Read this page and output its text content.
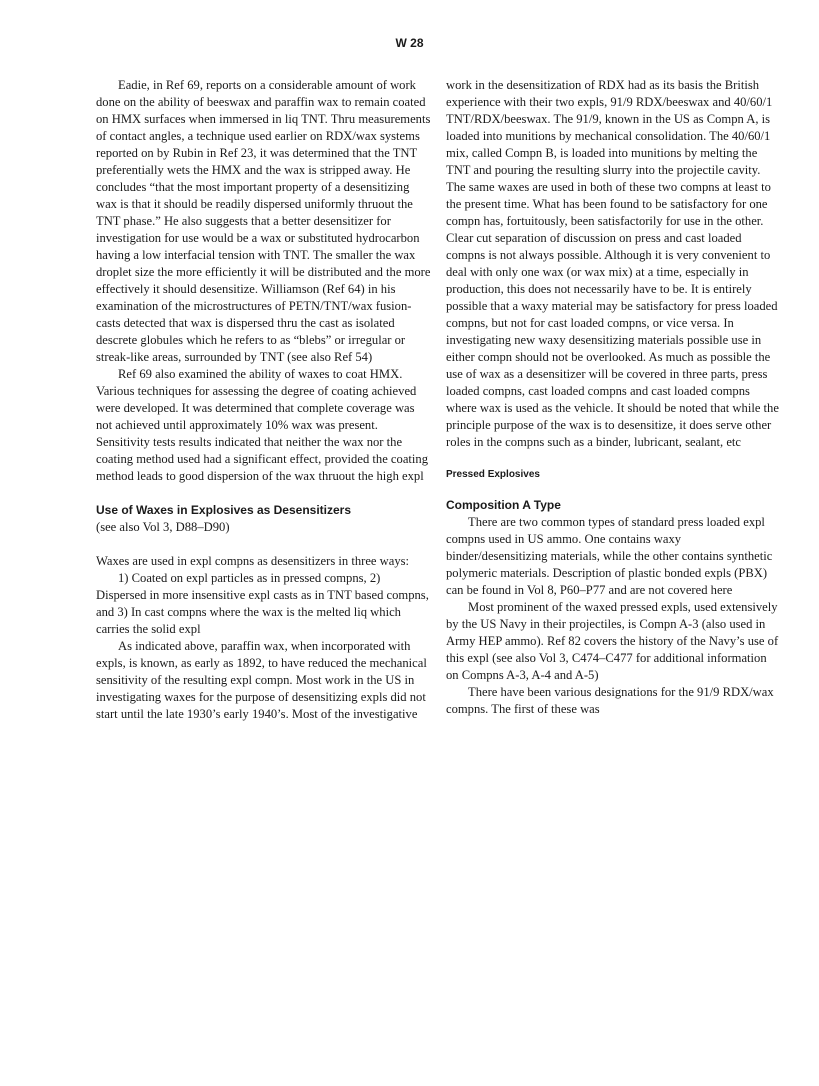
W 28

Eadie, in Ref 69, reports on a considerable amount of work done on the ability of beeswax and paraffin wax to remain coated on HMX surfaces when immersed in liq TNT. Thru measurements of contact angles, a technique used earlier on RDX/wax systems reported on by Rubin in Ref 23, it was determined that the TNT preferentially wets the HMX and the wax is stripped away. He concludes “that the most important property of a desensitizing wax is that it should be readily dispersed uniformly thruout the TNT phase.” He also suggests that a better desensitizer for investigation for use would be a wax or substituted hydrocarbon having a low interfacial tension with TNT. The smaller the wax droplet size the more efficiently it will be distributed and the more effectively it should desensitize. Williamson (Ref 64) in his examination of the microstructures of PETN/TNT/wax fusion-casts detected that wax is dispersed thru the cast as isolated descrete globules which he refers to as “blebs” or irregular or streak-like areas, surrounded by TNT (see also Ref 54)

Ref 69 also examined the ability of waxes to coat HMX. Various techniques for assessing the degree of coating achieved were developed. It was determined that complete coverage was not achieved until approximately 10% wax was present. Sensitivity tests results indicated that neither the wax nor the coating method used had a significant effect, provided the coating method leads to good dispersion of the wax thruout the high expl

Use of Waxes in Explosives as Desensitizers

(see also Vol 3, D88–D90)

Waxes are used in expl compns as desensitizers in three ways:

1) Coated on expl particles as in pressed compns, 2) Dispersed in more insensitive expl casts as in TNT based compns, and 3) In cast compns where the wax is the melted liq which carries the solid expl

As indicated above, paraffin wax, when incorporated with expls, is known, as early as 1892, to have reduced the mechanical sensitivity of the resulting expl compn. Most work in the US in investigating waxes for the purpose of desensitizing expls did not start until the late 1930’s early 1940’s. Most of the investigative

work in the desensitization of RDX had as its basis the British experience with their two expls, 91/9 RDX/beeswax and 40/60/1 TNT/RDX/beeswax. The 91/9, known in the US as Compn A, is loaded into munitions by mechanical consolidation. The 40/60/1 mix, called Compn B, is loaded into munitions by melting the TNT and pouring the resulting slurry into the projectile cavity. The same waxes are used in both of these two compns at least to the present time. What has been found to be satisfactory for one compn has, fortuitously, been satisfactorily for use in the other. Clear cut separation of discussion on press and cast loaded compns is not always possible. Although it is very convenient to deal with only one wax (or wax mix) at a time, especially in production, this does not necessarily have to be. It is entirely possible that a waxy material may be satisfactory for press loaded compns, but not for cast loaded compns, or vice versa. In investigating new waxy desensitizing materials possible use in either compn should not be overlooked. As much as possible the use of wax as a desensitizer will be covered in three parts, press loaded compns, cast loaded compns and cast loaded compns where wax is used as the vehicle. It should be noted that while the principle purpose of the wax is to desensitize, it does serve other roles in the compns such as a binder, lubricant, sealant, etc

Pressed Explosives
Composition A Type

There are two common types of standard press loaded expl compns used in US ammo. One contains waxy binder/desensitizing materials, while the other contains synthetic polymeric materials. Description of plastic bonded expls (PBX) can be found in Vol 8, P60–P77 and are not covered here

Most prominent of the waxed pressed expls, used extensively by the US Navy in their projectiles, is Compn A-3 (also used in Army HEP ammo). Ref 82 covers the history of the Navy’s use of this expl (see also Vol 3, C474–C477 for additional information on Compns A-3, A-4 and A-5)

There have been various designations for the 91/9 RDX/wax compns. The first of these was
